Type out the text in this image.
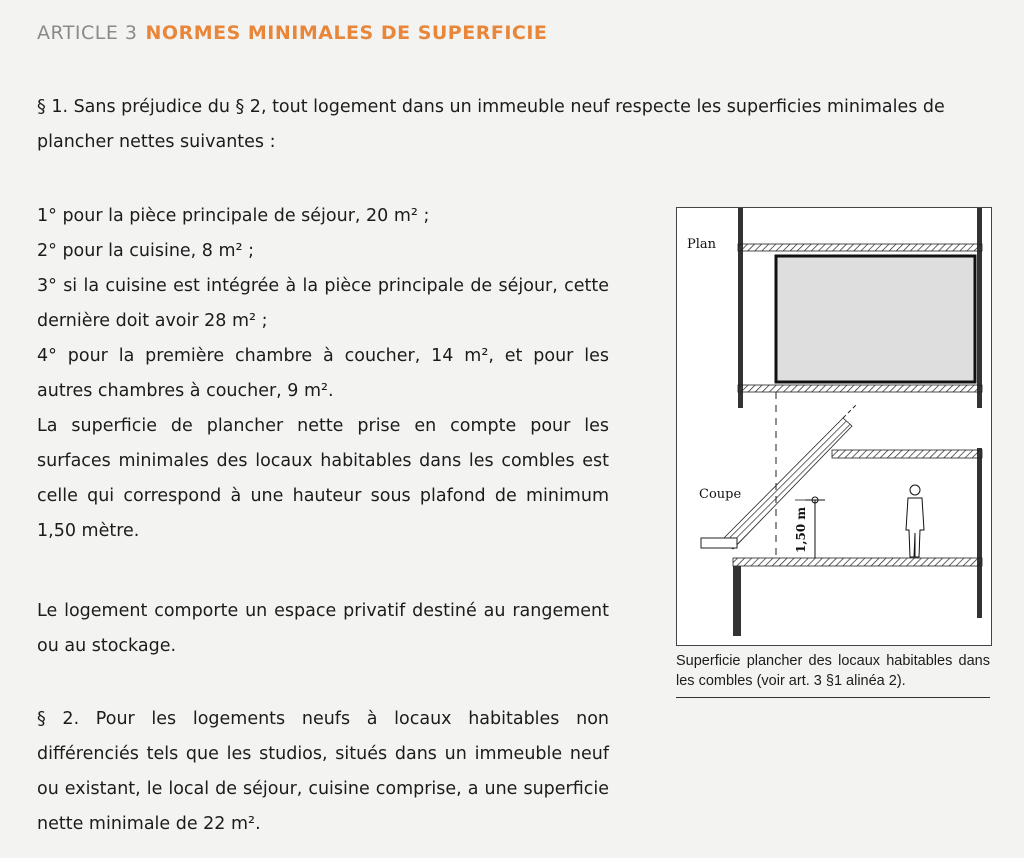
ARTICLE 3 NORMES MINIMALES DE SUPERFICIE

§ 1. Sans préjudice du § 2, tout logement dans un immeuble neuf respecte les superficies minimales de plancher nettes suivantes :

1° pour la pièce principale de séjour, 20 m² ;
2° pour la cuisine, 8 m² ;
3° si la cuisine est intégrée à la pièce principale de séjour, cette dernière doit avoir 28 m² ;
4° pour la première chambre à coucher, 14 m², et pour les autres chambres à coucher, 9 m².
La superficie de plancher nette prise en compte pour les surfaces minimales des locaux habitables dans les combles est celle qui correspond à une hauteur sous plafond de minimum 1,50 mètre.

Le logement comporte un espace privatif destiné au rangement ou au stockage.

§ 2. Pour les logements neufs à locaux habitables non différenciés tels que les studios, situés dans un immeuble neuf ou existant, le local de séjour, cuisine comprise, a une superficie nette minimale de 22 m².

Plan
Coupe
1,50 m
Superficie plancher des locaux habitables dans les combles (voir art. 3 §1 alinéa 2).
